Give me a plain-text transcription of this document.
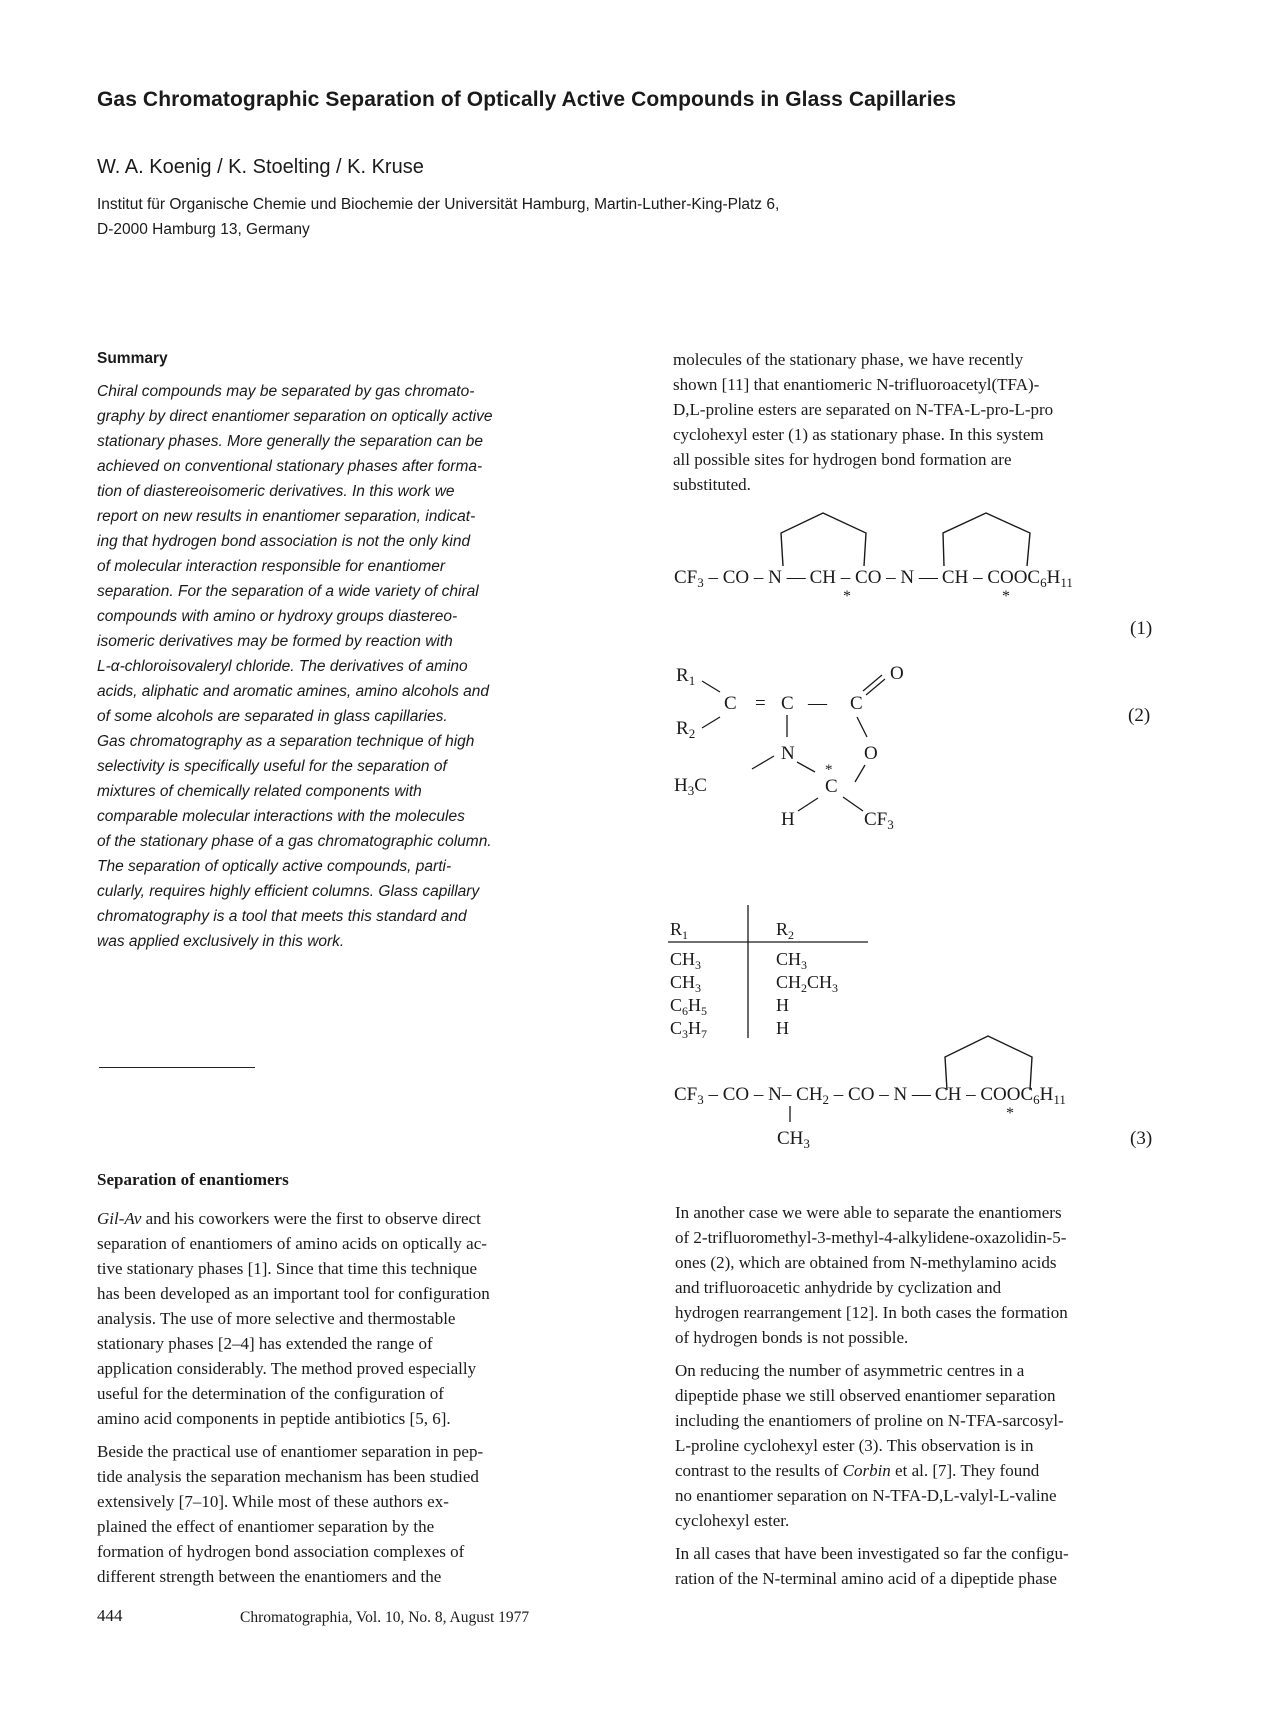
Gas Chromatographic Separation of Optically Active Compounds in Glass Capillaries
W. A. Koenig / K. Stoelting / K. Kruse
Institut für Organische Chemie und Biochemie der Universität Hamburg, Martin-Luther-King-Platz 6,
D-2000 Hamburg 13, Germany
Summary
Chiral compounds may be separated by gas chromato-
graphy by direct enantiomer separation on optically active
stationary phases. More generally the separation can be
achieved on conventional stationary phases after forma-
tion of diastereoisomeric derivatives. In this work we
report on new results in enantiomer separation, indicat-
ing that hydrogen bond association is not the only kind
of molecular interaction responsible for enantiomer
separation. For the separation of a wide variety of chiral
compounds with amino or hydroxy groups diastereo-
isomeric derivatives may be formed by reaction with
L-α-chloroisovaleryl chloride. The derivatives of amino
acids, aliphatic and aromatic amines, amino alcohols and
of some alcohols are separated in glass capillaries.
Gas chromatography as a separation technique of high
selectivity is specifically useful for the separation of
mixtures of chemically related components with
comparable molecular interactions with the molecules
of the stationary phase of a gas chromatographic column.
The separation of optically active compounds, parti-
cularly, requires highly efficient columns. Glass capillary
chromatography is a tool that meets this standard and
was applied exclusively in this work.
Separation of enantiomers
Gil-Av and his coworkers were the first to observe direct
separation of enantiomers of amino acids on optically ac-
tive stationary phases [1]. Since that time this technique
has been developed as an important tool for configuration
analysis. The use of more selective and thermostable
stationary phases [2–4] has extended the range of
application considerably. The method proved especially
useful for the determination of the configuration of
amino acid components in peptide antibiotics [5, 6].
Beside the practical use of enantiomer separation in pep-
tide analysis the separation mechanism has been studied
extensively [7–10]. While most of these authors ex-
plained the effect of enantiomer separation by the
formation of hydrogen bond association complexes of
different strength between the enantiomers and the
molecules of the stationary phase, we have recently
shown [11] that enantiomeric N-trifluoroacetyl(TFA)-
D,L-proline esters are separated on N-TFA-L-pro-L-pro
cyclohexyl ester (1) as stationary phase. In this system
all possible sites for hydrogen bond formation are
substituted.
$CF_3$ – CO – N — CH – CO – N — CH – $COOC_6H_{11}$
*	*
(1)
$R_1$
$R_2$
C = C — C
O
N	O
C
$H_3C$
H	$CF_3$
(2)
*
$R_1$	$R_2$
$CH_3$	$CH_3$
$CH_3$	$CH_2CH_3$
$C_6H_5$	H
$C_3H_7$	H
$CF_3$ – CO – N– $CH_2$ – CO – N — CH – $COOC_6H_{11}$
$CH_3$
*
(3)
In another case we were able to separate the enantiomers
of 2-trifluoromethyl-3-methyl-4-alkylidene-oxazolidin-5-
ones (2), which are obtained from N-methylamino acids
and trifluoroacetic anhydride by cyclization and
hydrogen rearrangement [12]. In both cases the formation
of hydrogen bonds is not possible.
On reducing the number of asymmetric centres in a
dipeptide phase we still observed enantiomer separation
including the enantiomers of proline on N-TFA-sarcosyl-
L-proline cyclohexyl ester (3). This observation is in
contrast to the results of Corbin et al. [7]. They found
no enantiomer separation on N-TFA-D,L-valyl-L-valine
cyclohexyl ester.
In all cases that have been investigated so far the configu-
ration of the N-terminal amino acid of a dipeptide phase
444	Chromatographia, Vol. 10, No. 8, August 1977
